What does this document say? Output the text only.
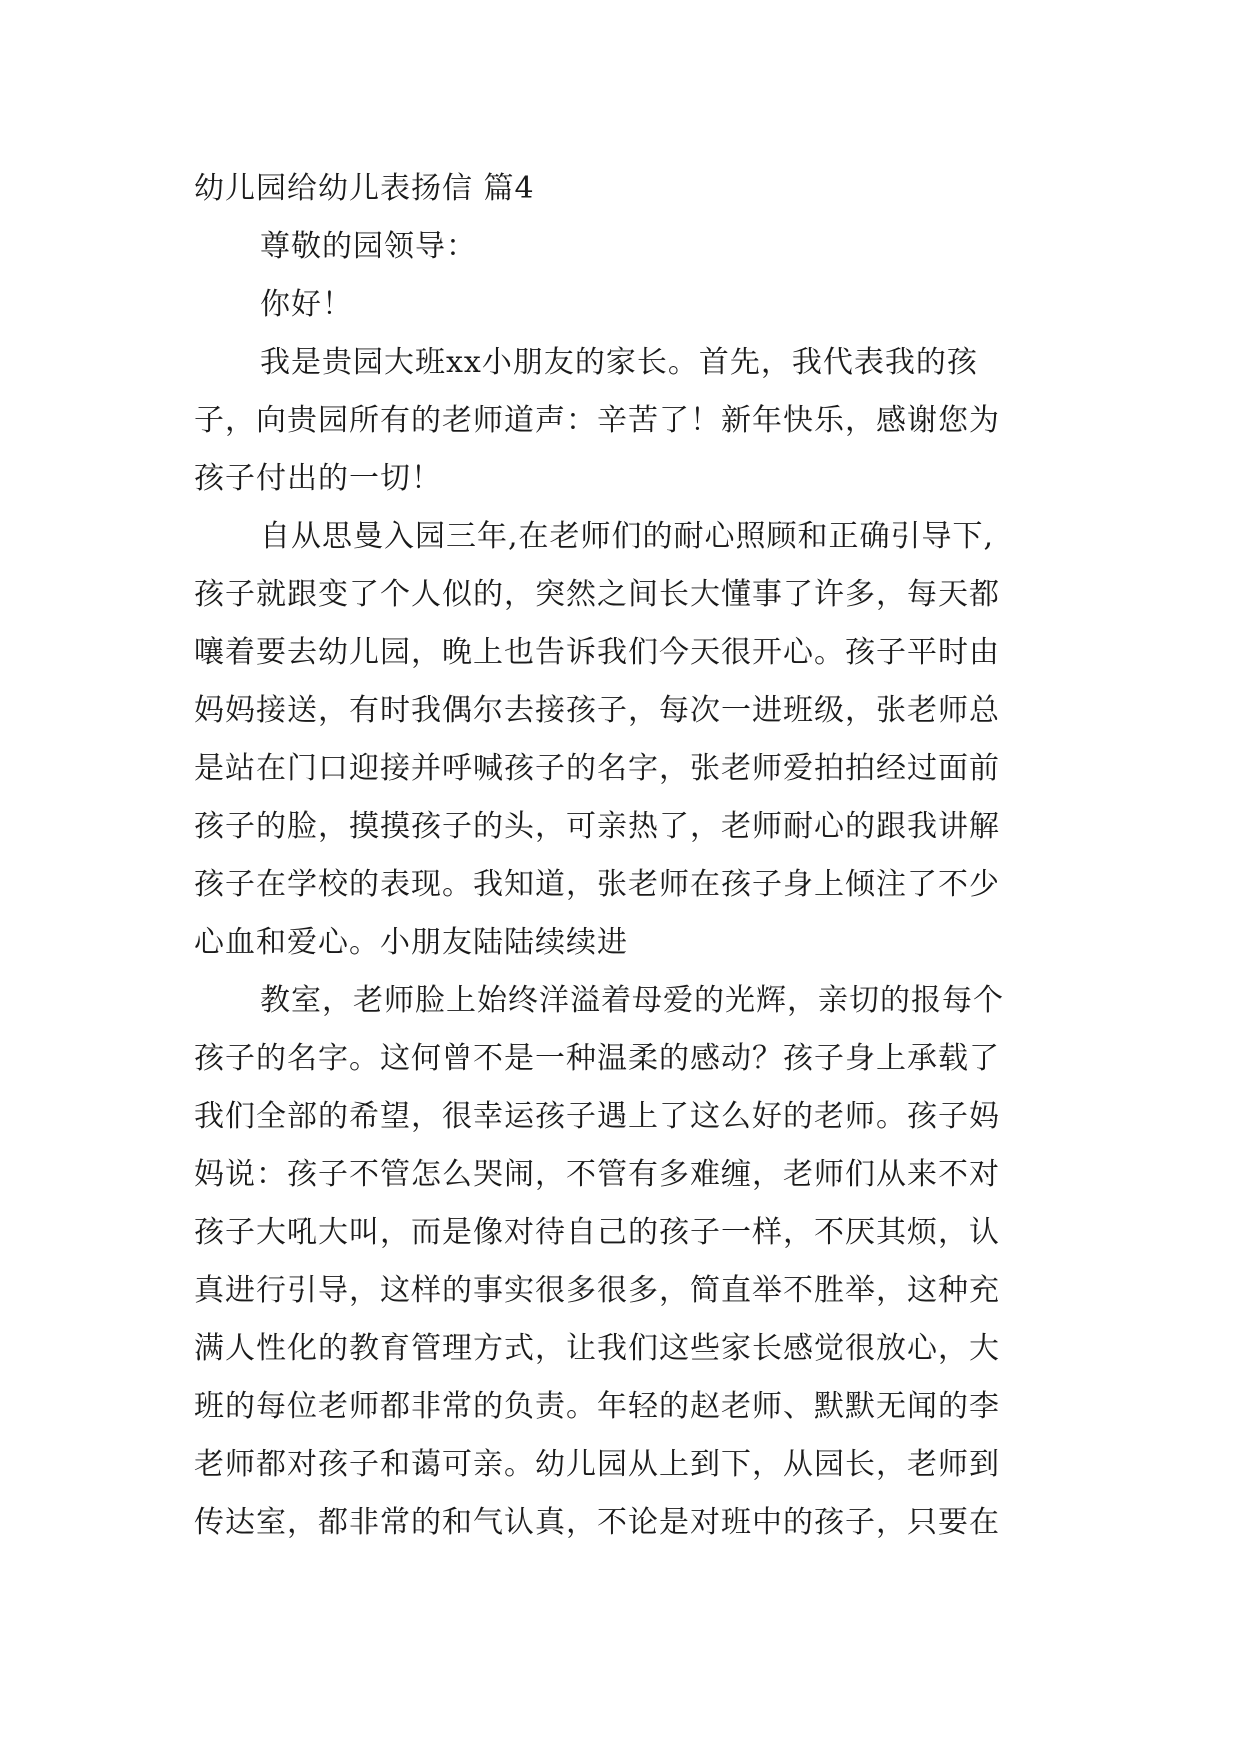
幼儿园给幼儿表扬信 篇4
尊敬的园领导：
你好！
我是贵园大班xx小朋友的家长。首先，我代表我的孩
子，向贵园所有的老师道声：辛苦了！新年快乐，感谢您为
孩子付出的一切！
自从思曼入园三年,在老师们的耐心照顾和正确引导下,
孩子就跟变了个人似的，突然之间长大懂事了许多，每天都
嚷着要去幼儿园，晚上也告诉我们今天很开心。孩子平时由
妈妈接送，有时我偶尔去接孩子，每次一进班级，张老师总
是站在门口迎接并呼喊孩子的名字，张老师爱拍拍经过面前
孩子的脸，摸摸孩子的头，可亲热了，老师耐心的跟我讲解
孩子在学校的表现。我知道，张老师在孩子身上倾注了不少
心血和爱心。小朋友陆陆续续进
教室，老师脸上始终洋溢着母爱的光辉，亲切的报每个
孩子的名字。这何曾不是一种温柔的感动？孩子身上承载了
我们全部的希望，很幸运孩子遇上了这么好的老师。孩子妈
妈说：孩子不管怎么哭闹，不管有多难缠，老师们从来不对
孩子大吼大叫，而是像对待自己的孩子一样，不厌其烦，认
真进行引导，这样的事实很多很多，简直举不胜举，这种充
满人性化的教育管理方式，让我们这些家长感觉很放心，大
班的每位老师都非常的负责。年轻的赵老师、默默无闻的李
老师都对孩子和蔼可亲。幼儿园从上到下，从园长，老师到
传达室，都非常的和气认真，不论是对班中的孩子，只要在
